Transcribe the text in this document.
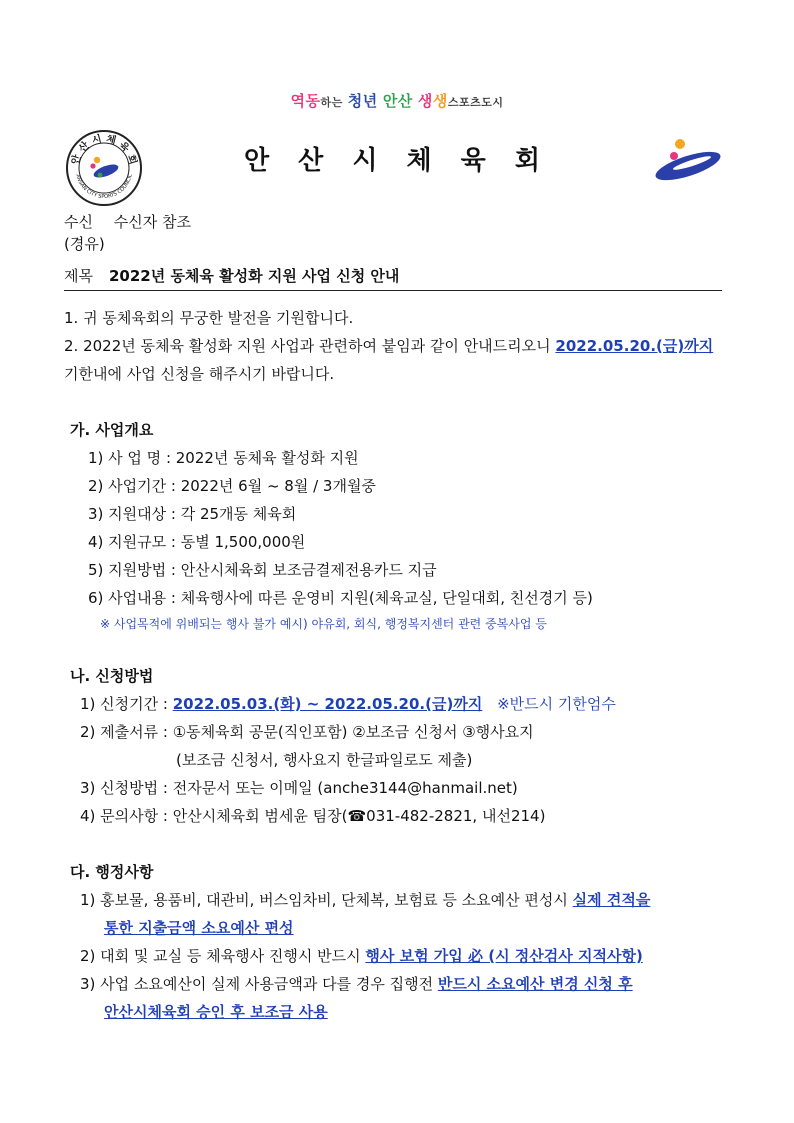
역동하는 청년 안산 생생스포츠도시
안 산 시 체 육 회
ANSAN CITY SPORTS COUNCIL	안 산 시 체 육 회
수신 수신자 참조
(경유)
제목 2022년 동체육 활성화 지원 사업 신청 안내
1. 귀 동체육회의 무궁한 발전을 기원합니다.
2. 2022년 동체육 활성화 지원 사업과 관련하여 붙임과 같이 안내드리오니 2022.05.20.(금)까지
기한내에 사업 신청을 해주시기 바랍니다.
가. 사업개요
1) 사 업 명 : 2022년 동체육 활성화 지원
2) 사업기간 : 2022년 6월 ~ 8월 / 3개월중
3) 지원대상 : 각 25개동 체육회
4) 지원규모 : 동별 1,500,000원
5) 지원방법 : 안산시체육회 보조금결제전용카드 지급
6) 사업내용 : 체육행사에 따른 운영비 지원(체육교실, 단일대회, 친선경기 등)
※ 사업목적에 위배되는 행사 불가 예시) 야유회, 회식, 행정복지센터 관련 중복사업 등
나. 신청방법
1) 신청기간 : 2022.05.03.(화) ~ 2022.05.20.(금)까지 ※반드시 기한엄수
2) 제출서류 : ①동체육회 공문(직인포함) ②보조금 신청서 ③행사요지
(보조금 신청서, 행사요지 한글파일로도 제출)
3) 신청방법 : 전자문서 또는 이메일 (anche3144@hanmail.net)
4) 문의사항 : 안산시체육회 범세윤 팀장(☎031-482-2821, 내선214)
다. 행정사항
1) 홍보물, 용품비, 대관비, 버스임차비, 단체복, 보험료 등 소요예산 편성시 실제 견적을
통한 지출금액 소요예산 편성
2) 대회 및 교실 등 체육행사 진행시 반드시 행사 보험 가입 必 (시 정산검사 지적사항)
3) 사업 소요예산이 실제 사용금액과 다를 경우 집행전 반드시 소요예산 변경 신청 후
안산시체육회 승인 후 보조금 사용
